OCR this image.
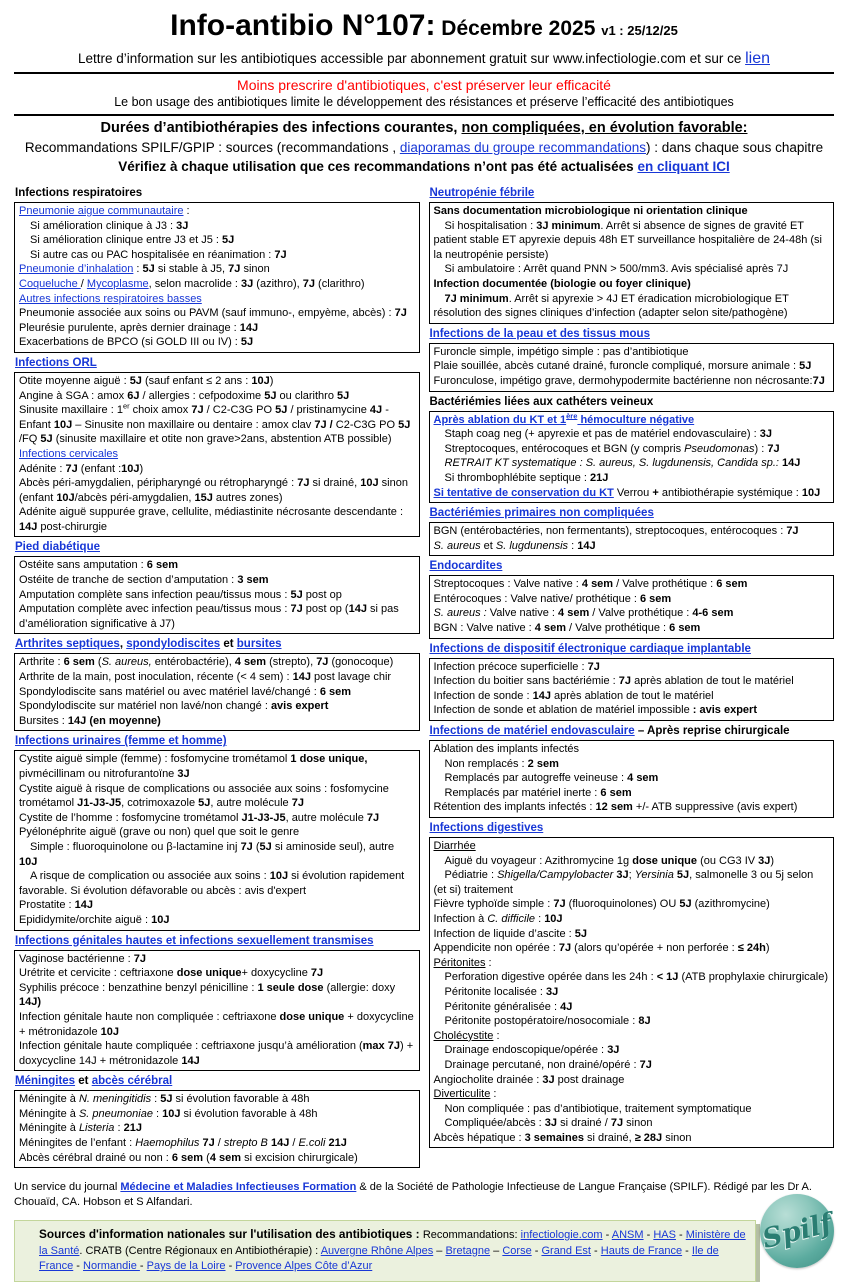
Info-antibio N°107: Décembre 2025 v1 : 25/12/25
Lettre d’information sur les antibiotiques accessible par abonnement gratuit sur www.infectiologie.com et sur ce lien
Moins prescrire d'antibiotiques, c'est préserver leur efficacité
Le bon usage des antibiotiques limite le développement des résistances et préserve l’efficacité des antibiotiques
Durées d’antibiothérapies des infections courantes, non compliquées, en évolution favorable:
Recommandations SPILF/GPIP : sources (recommandations , diaporamas du groupe recommandations) : dans chaque sous chapitre
Vérifiez à chaque utilisation que ces recommandations n’ont pas été actualisées en cliquant ICI
Infections respiratoires
Pneumonie aigue communautaire :
Si amélioration clinique à J3 : 3J
Si amélioration clinique entre J3 et J5 : 5J
Si autre cas ou PAC hospitalisée en réanimation : 7J
Pneumonie d’inhalation : 5J si stable à J5, 7J sinon
Coqueluche / Mycoplasme, selon macrolide : 3J (azithro), 7J (clarithro)
Autres infections respiratoires basses
Pneumonie associée aux soins ou PAVM (sauf immuno-, empyème, abcès) : 7J
Pleurésie purulente, après dernier drainage : 14J
Exacerbations de BPCO (si GOLD III ou IV) : 5J
Infections ORL
Otite moyenne aiguë : 5J (sauf enfant ≤ 2 ans : 10J)
Angine à SGA : amox 6J / allergies : cefpodoxime 5J ou clarithro 5J
Sinusite maxillaire : 1er choix amox 7J / C2-C3G PO 5J / pristinamycine 4J - Enfant 10J – Sinusite non maxillaire ou dentaire : amox clav 7J / C2-C3G PO 5J /FQ 5J (sinusite maxillaire et otite non grave>2ans, abstention ATB possible)
Infections cervicales
Adénite : 7J (enfant :10J)
Abcès péri-amygdalien, péripharyngé ou rétropharyngé : 7J si drainé, 10J sinon (enfant 10J/abcès péri-amygdalien, 15J autres zones)
Adénite aiguë suppurée grave, cellulite, médiastinite nécrosante descendante : 14J post-chirurgie
Pied diabétique
Ostéite sans amputation : 6 sem
Ostéite de tranche de section d’amputation : 3 sem
Amputation complète sans infection peau/tissus mous : 5J post op
Amputation complète avec infection peau/tissus mous : 7J post op (14J si pas d’amélioration significative à J7)
Arthrites septiques, spondylodiscites et bursites
Arthrite : 6 sem (S. aureus, entérobactérie), 4 sem (strepto), 7J (gonocoque)
Arthrite de la main, post inoculation, récente (< 4 sem) : 14J post lavage chir
Spondylodiscite sans matériel ou avec matériel lavé/changé : 6 sem
Spondylodiscite sur matériel non lavé/non changé : avis expert
Bursites : 14J (en moyenne)
Infections urinaires (femme et homme)
Cystite aiguë simple (femme) : fosfomycine trométamol 1 dose unique, pivmécillinam ou nitrofurantoïne 3J
Cystite aiguë à risque de complications ou associée aux soins : fosfomycine trométamol J1-J3-J5, cotrimoxazole 5J, autre molécule 7J
Cystite de l’homme : fosfomycine trométamol J1-J3-J5, autre molécule 7J
Pyélonéphrite aiguë (grave ou non) quel que soit le genre
Simple : fluoroquinolone ou β-lactamine inj 7J (5J si aminoside seul), autre 10J
A risque de complication ou associée aux soins : 10J si évolution rapidement favorable. Si évolution défavorable ou abcès : avis d'expert
Prostatite : 14J
Epididymite/orchite aiguë : 10J
Infections génitales hautes et infections sexuellement transmises
Vaginose bactérienne : 7J
Urétrite et cervicite : ceftriaxone dose unique+ doxycycline 7J
Syphilis précoce : benzathine benzyl pénicilline : 1 seule dose (allergie: doxy 14J)
Infection génitale haute non compliquée : ceftriaxone dose unique + doxycycline + métronidazole 10J
Infection génitale haute compliquée : ceftriaxone jusqu’à amélioration (max 7J) + doxycycline 14J + métronidazole 14J
Méningites et abcès cérébral
Méningite à N. meningitidis : 5J si évolution favorable à 48h
Méningite à S. pneumoniae : 10J si évolution favorable à 48h
Méningite à Listeria : 21J
Méningites de l’enfant : Haemophilus 7J / strepto B 14J / E.coli 21J
Abcès cérébral drainé ou non : 6 sem (4 sem si excision chirurgicale)
Neutropénie fébrile
Sans documentation microbiologique ni orientation clinique
Si hospitalisation : 3J minimum. Arrêt si absence de signes de gravité ET patient stable ET apyrexie depuis 48h ET surveillance hospitalière de 24-48h (si la neutropénie persiste)
Si ambulatoire : Arrêt quand PNN > 500/mm3. Avis spécialisé après 7J
Infection documentée (biologie ou foyer clinique)
7J minimum. Arrêt si apyrexie > 4J ET éradication microbiologique ET résolution des signes cliniques d’infection (adapter selon site/pathogène)
Infections de la peau et des tissus mous
Furoncle simple, impétigo simple : pas d’antibiotique
Plaie souillée, abcès cutané drainé, furoncle compliqué, morsure animale : 5J
Furonculose, impétigo grave, dermohypodermite bactérienne non nécrosante:7J
Bactériémies liées aux cathéters veineux
Après ablation du KT et 1ère hémoculture négative
Staph coag neg (+ apyrexie et pas de matériel endovasculaire) : 3J
Streptocoques, entérocoques et BGN (y compris Pseudomonas) : 7J
RETRAIT KT systematique : S. aureus, S. lugdunensis, Candida sp.: 14J
Si thrombophlébite septique : 21J
Si tentative de conservation du KT Verrou + antibiothérapie systémique : 10J
Bactériémies primaires non compliquées
BGN (entérobactéries, non fermentants), streptocoques, entérocoques : 7J
S. aureus et S. lugdunensis : 14J
Endocardites
Streptocoques : Valve native : 4 sem / Valve prothétique : 6 sem
Entérocoques : Valve native/ prothétique : 6 sem
S. aureus : Valve native : 4 sem / Valve prothétique : 4-6 sem
BGN : Valve native : 4 sem / Valve prothétique : 6 sem
Infections de dispositif électronique cardiaque implantable
Infection précoce superficielle : 7J
Infection du boitier sans bactériémie : 7J après ablation de tout le matériel
Infection de sonde : 14J après ablation de tout le matériel
Infection de sonde et ablation de matériel impossible : avis expert
Infections de matériel endovasculaire – Après reprise chirurgicale
Ablation des implants infectés
Non remplacés : 2 sem
Remplacés par autogreffe veineuse : 4 sem
Remplacés par matériel inerte : 6 sem
Rétention des implants infectés : 12 sem +/- ATB suppressive (avis expert)
Infections digestives
Diarrhée
Aiguë du voyageur : Azithromycine 1g dose unique (ou CG3 IV 3J)
Pédiatrie : Shigella/Campylobacter 3J; Yersinia 5J, salmonelle 3 ou 5j selon (et si) traitement
Fièvre typhoïde simple : 7J (fluoroquinolones) OU 5J (azithromycine)
Infection à C. difficile : 10J
Infection de liquide d’ascite : 5J
Appendicite non opérée : 7J (alors qu’opérée + non perforée : ≤ 24h)
Péritonites :
Perforation digestive opérée dans les 24h : < 1J (ATB prophylaxie chirurgicale)
Péritonite localisée : 3J
Péritonite généralisée : 4J
Péritonite postopératoire/nosocomiale : 8J
Cholécystite :
Drainage endoscopique/opérée : 3J
Drainage percutané, non drainé/opéré : 7J
Angiocholite drainée : 3J post drainage
Diverticulite :
Non compliquée : pas d’antibiotique, traitement symptomatique
Compliquée/abcès : 3J si drainé / 7J sinon
Abcès hépatique : 3 semaines si drainé, ≥ 28J sinon
Un service du journal Médecine et Maladies Infectieuses Formation & de la Société de Pathologie Infectieuse de Langue Française (SPILF). Rédigé par les Dr A. Chouaïd, CA. Hobson et S Alfandari.
Sources d'information nationales sur l'utilisation des antibiotiques : Recommandations: infectiologie.com - ANSM - HAS - Ministère de la Santé. CRATB (Centre Régionaux en Antibiothérapie) : Auvergne Rhône Alpes – Bretagne – Corse - Grand Est - Hauts de France - Ile de France - Normandie - Pays de la Loire - Provence Alpes Côte d’Azur
Spilf
